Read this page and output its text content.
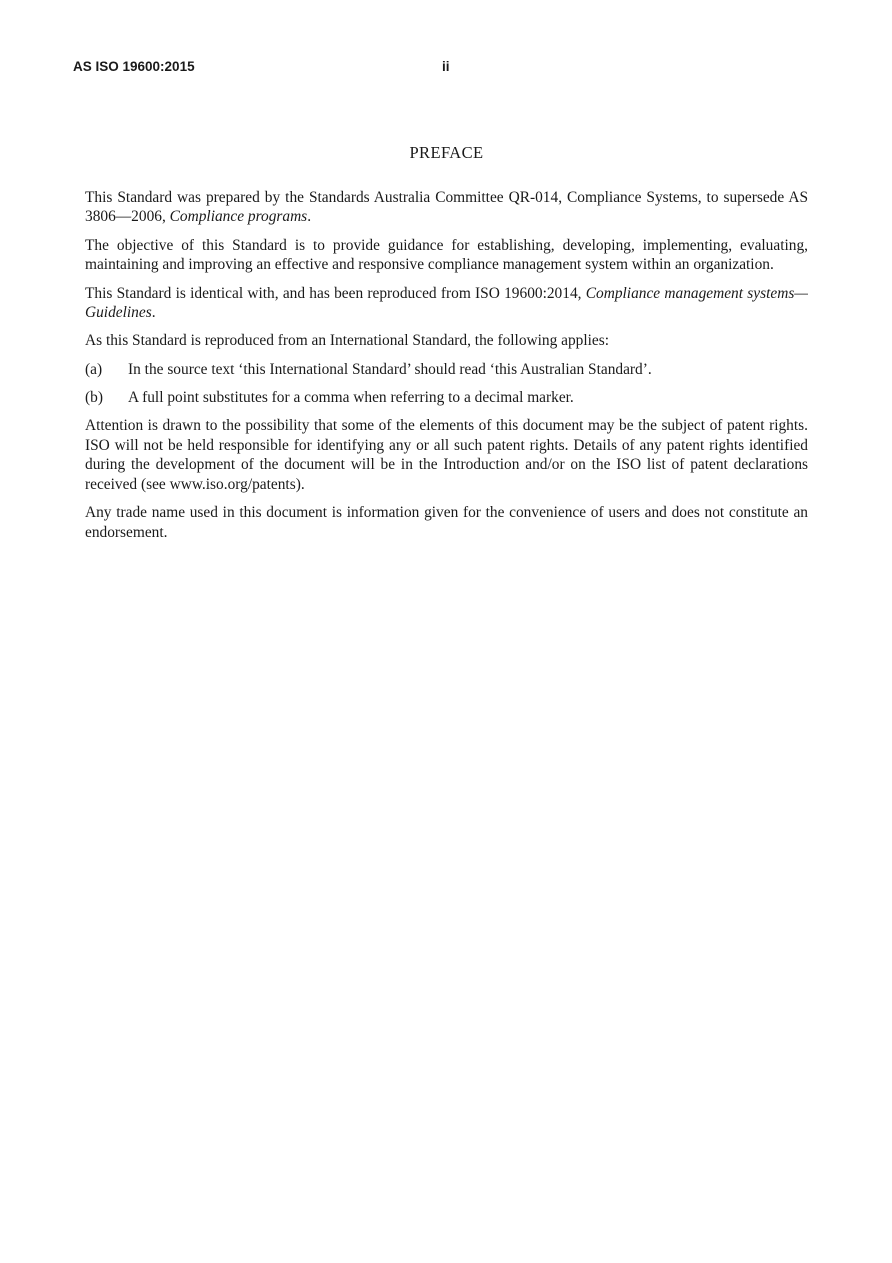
AS ISO 19600:2015	ii
PREFACE

This Standard was prepared by the Standards Australia Committee QR-014, Compliance Systems, to supersede AS 3806—2006, Compliance programs.

The objective of this Standard is to provide guidance for establishing, developing, implementing, evaluating, maintaining and improving an effective and responsive compliance management system within an organization.

This Standard is identical with, and has been reproduced from ISO 19600:2014, Compliance management systems—Guidelines.

As this Standard is reproduced from an International Standard, the following applies:

(a)	In the source text ‘this International Standard’ should read ‘this Australian Standard’.
(b)	A full point substitutes for a comma when referring to a decimal marker.

Attention is drawn to the possibility that some of the elements of this document may be the subject of patent rights. ISO will not be held responsible for identifying any or all such patent rights. Details of any patent rights identified during the development of the document will be in the Introduction and/or on the ISO list of patent declarations received (see www.iso.org/patents).

Any trade name used in this document is information given for the convenience of users and does not constitute an endorsement.
